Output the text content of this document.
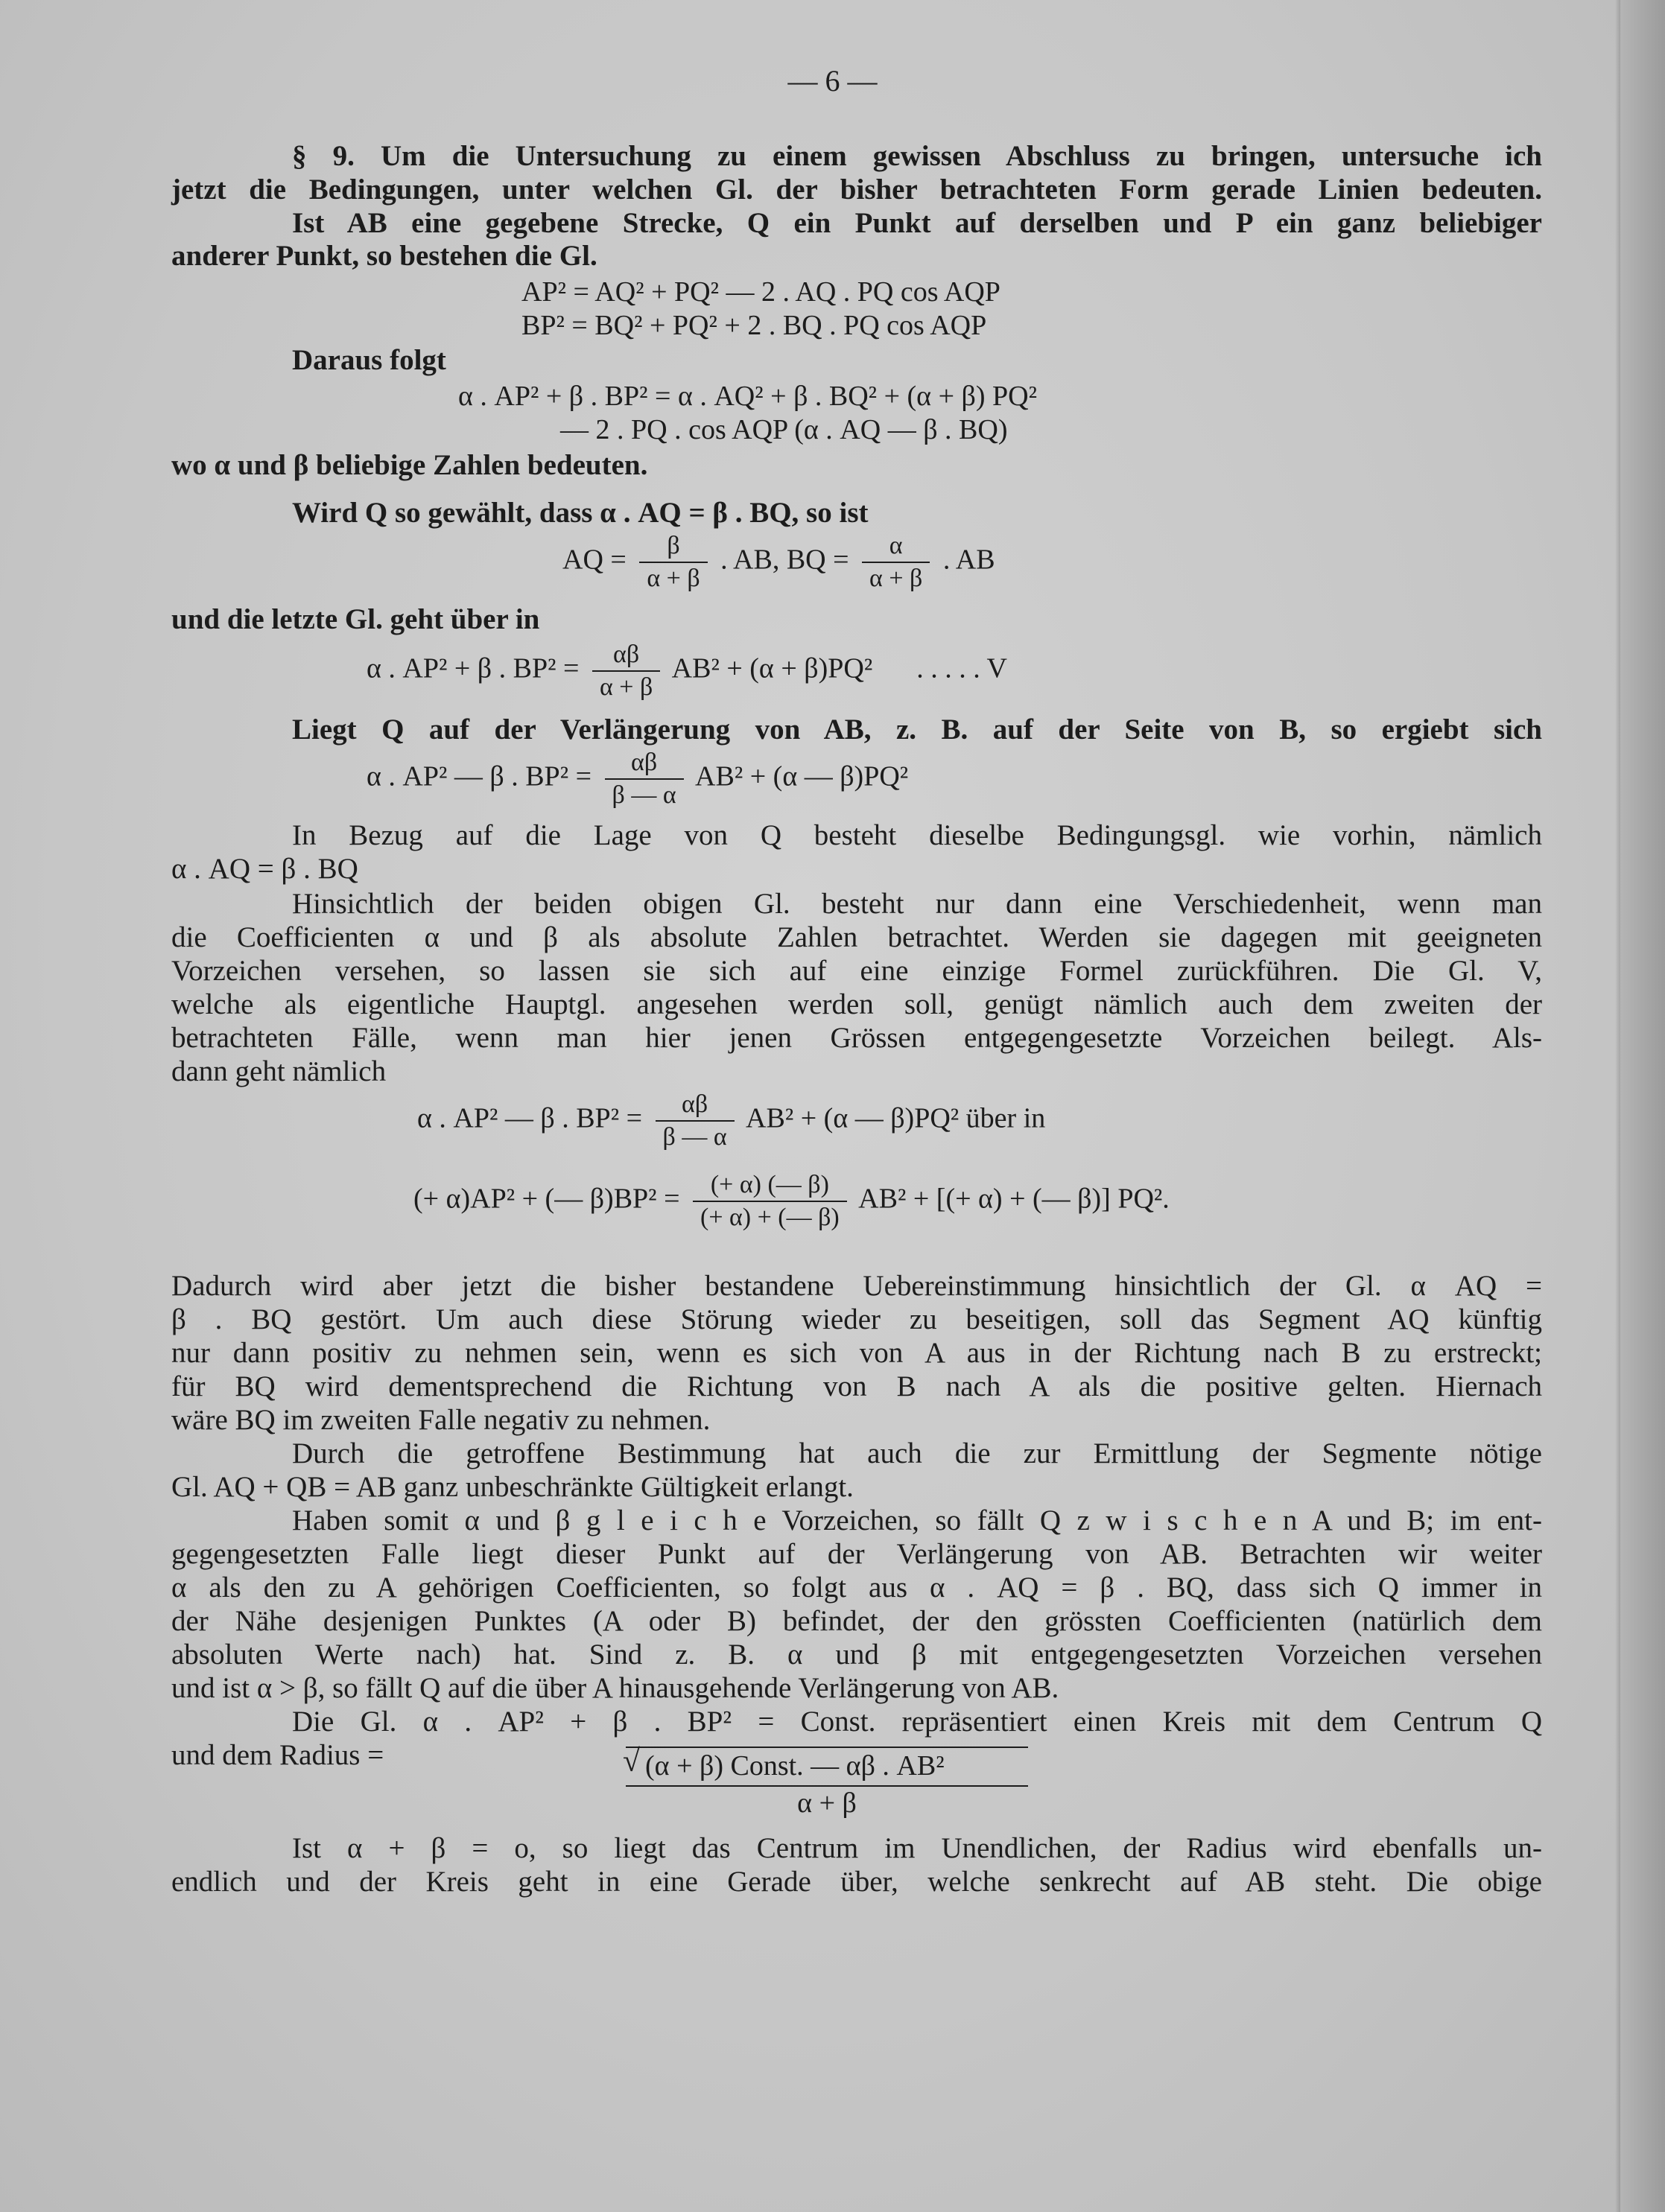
— 6 —
§ 9. Um die Untersuchung zu einem gewissen Abschluss zu bringen, untersuche ich
jetzt die Bedingungen, unter welchen Gl. der bisher betrachteten Form gerade Linien bedeuten.
Ist AB eine gegebene Strecke, Q ein Punkt auf derselben und P ein ganz beliebiger
anderer Punkt, so bestehen die Gl.
AP² = AQ² + PQ² — 2 . AQ . PQ cos AQP
BP² = BQ² + PQ² + 2 . BQ . PQ cos AQP
Daraus folgt
α . AP² + β . BP² = α . AQ² + β . BQ² + (α + β) PQ²
— 2 . PQ . cos AQP (α . AQ — β . BQ)
wo α und β beliebige Zahlen bedeuten.
Wird Q so gewählt, dass α . AQ = β . BQ, so ist
AQ = $\frac{\beta}{\alpha + \beta}$ . AB, BQ = $\frac{\alpha}{\alpha + \beta}$ . AB
und die letzte Gl. geht über in
α . AP² + β . $BP^2 = \frac{\alpha\beta}{\alpha + \beta} AB^2 + (\alpha + \beta)PQ^2$ . . . . . V
Liegt Q auf der Verlängerung von AB, z. B. auf der Seite von B, so ergiebt sich
α . AP² — β . $BP^2 = \frac{\alpha\beta}{\beta — \alpha} AB^2 + (\alpha$ — β)PQ²
In Bezug auf die Lage von Q besteht dieselbe Bedingungsgl. wie vorhin, nämlich
α . AQ = β . BQ
Hinsichtlich der beiden obigen Gl. besteht nur dann eine Verschiedenheit, wenn man
die Coefficienten α und β als absolute Zahlen betrachtet. Werden sie dagegen mit geeigneten
Vorzeichen versehen, so lassen sie sich auf eine einzige Formel zurückführen. Die Gl. V,
welche als eigentliche Hauptgl. angesehen werden soll, genügt nämlich auch dem zweiten der
betrachteten Fälle, wenn man hier jenen Grössen entgegengesetzte Vorzeichen beilegt. Als-
dann geht nämlich
α . AP² — β . $BP^2 = \frac{\alpha\beta}{\beta — \alpha} AB^2 + (\alpha$ — β)PQ² über in
(+ α)AP² + (— $\beta)BP^2 = \frac{(+ \alpha) (— \beta)}{(+ \alpha) + (— \beta)} AB^2$ + [(+ α) + (— β)] PQ².
Dadurch wird aber jetzt die bisher bestandene Uebereinstimmung hinsichtlich der Gl. α AQ =
β . BQ gestört. Um auch diese Störung wieder zu beseitigen, soll das Segment AQ künftig
nur dann positiv zu nehmen sein, wenn es sich von A aus in der Richtung nach B zu erstreckt;
für BQ wird dementsprechend die Richtung von B nach A als die positive gelten. Hiernach
wäre BQ im zweiten Falle negativ zu nehmen.
Durch die getroffene Bestimmung hat auch die zur Ermittlung der Segmente nötige
Gl. AQ + QB = AB ganz unbeschränkte Gültigkeit erlangt.
Haben somit α und β g l e i c h e Vorzeichen, so fällt Q z w i s c h e n A und B; im ent-
gegengesetzten Falle liegt dieser Punkt auf der Verlängerung von AB. Betrachten wir weiter
α als den zu A gehörigen Coefficienten, so folgt aus α . AQ = β . BQ, dass sich Q immer in
der Nähe desjenigen Punktes (A oder B) befindet, der den grössten Coefficienten (natürlich dem
absoluten Werte nach) hat. Sind z. B. α und β mit entgegengesetzten Vorzeichen versehen
und ist α > β, so fällt Q auf die über A hinausgehende Verlängerung von AB.
Die Gl. α . AP² + β . BP² = Const. repräsentiert einen Kreis mit dem Centrum Q
und dem Radius =
√	(α + β) Const. — αβ . AB²
α + β
Ist α + β = o, so liegt das Centrum im Unendlichen, der Radius wird ebenfalls un-
endlich und der Kreis geht in eine Gerade über, welche senkrecht auf AB steht. Die obige
